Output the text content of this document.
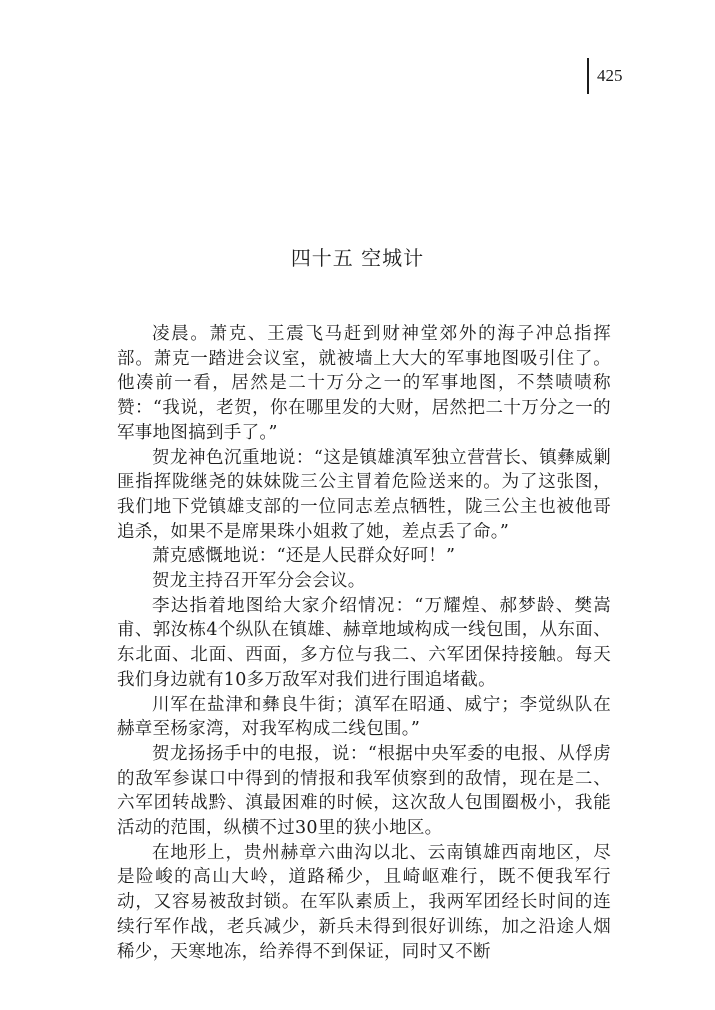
425
四十五 空城计

凌晨。萧克、王震飞马赶到财神堂郊外的海子冲总指挥部。萧克一踏进会议室，就被墙上大大的军事地图吸引住了。他凑前一看，居然是二十万分之一的军事地图，不禁啧啧称赞：“我说，老贺，你在哪里发的大财，居然把二十万分之一的军事地图搞到手了。”

贺龙神色沉重地说：“这是镇雄滇军独立营营长、镇彝威剿匪指挥陇继尧的妹妹陇三公主冒着危险送来的。为了这张图，我们地下党镇雄支部的一位同志差点牺牲，陇三公主也被他哥追杀，如果不是席果珠小姐救了她，差点丢了命。”

萧克感慨地说：“还是人民群众好呵！”

贺龙主持召开军分会会议。

李达指着地图给大家介绍情况：“万耀煌、郝梦龄、樊嵩甫、郭汝栋4个纵队在镇雄、赫章地域构成一线包围，从东面、东北面、北面、西面，多方位与我二、六军团保持接触。每天我们身边就有10多万敌军对我们进行围追堵截。

川军在盐津和彝良牛街；滇军在昭通、威宁；李觉纵队在赫章至杨家湾，对我军构成二线包围。”

贺龙扬扬手中的电报，说：“根据中央军委的电报、从俘虏的敌军参谋口中得到的情报和我军侦察到的敌情，现在是二、六军团转战黔、滇最困难的时候，这次敌人包围圈极小，我能活动的范围，纵横不过30里的狭小地区。

在地形上，贵州赫章六曲沟以北、云南镇雄西南地区，尽是险峻的高山大岭，道路稀少，且崎岖难行，既不便我军行动，又容易被敌封锁。在军队素质上，我两军团经长时间的连续行军作战，老兵减少，新兵未得到很好训练，加之沿途人烟稀少，天寒地冻，给养得不到保证，同时又不断
